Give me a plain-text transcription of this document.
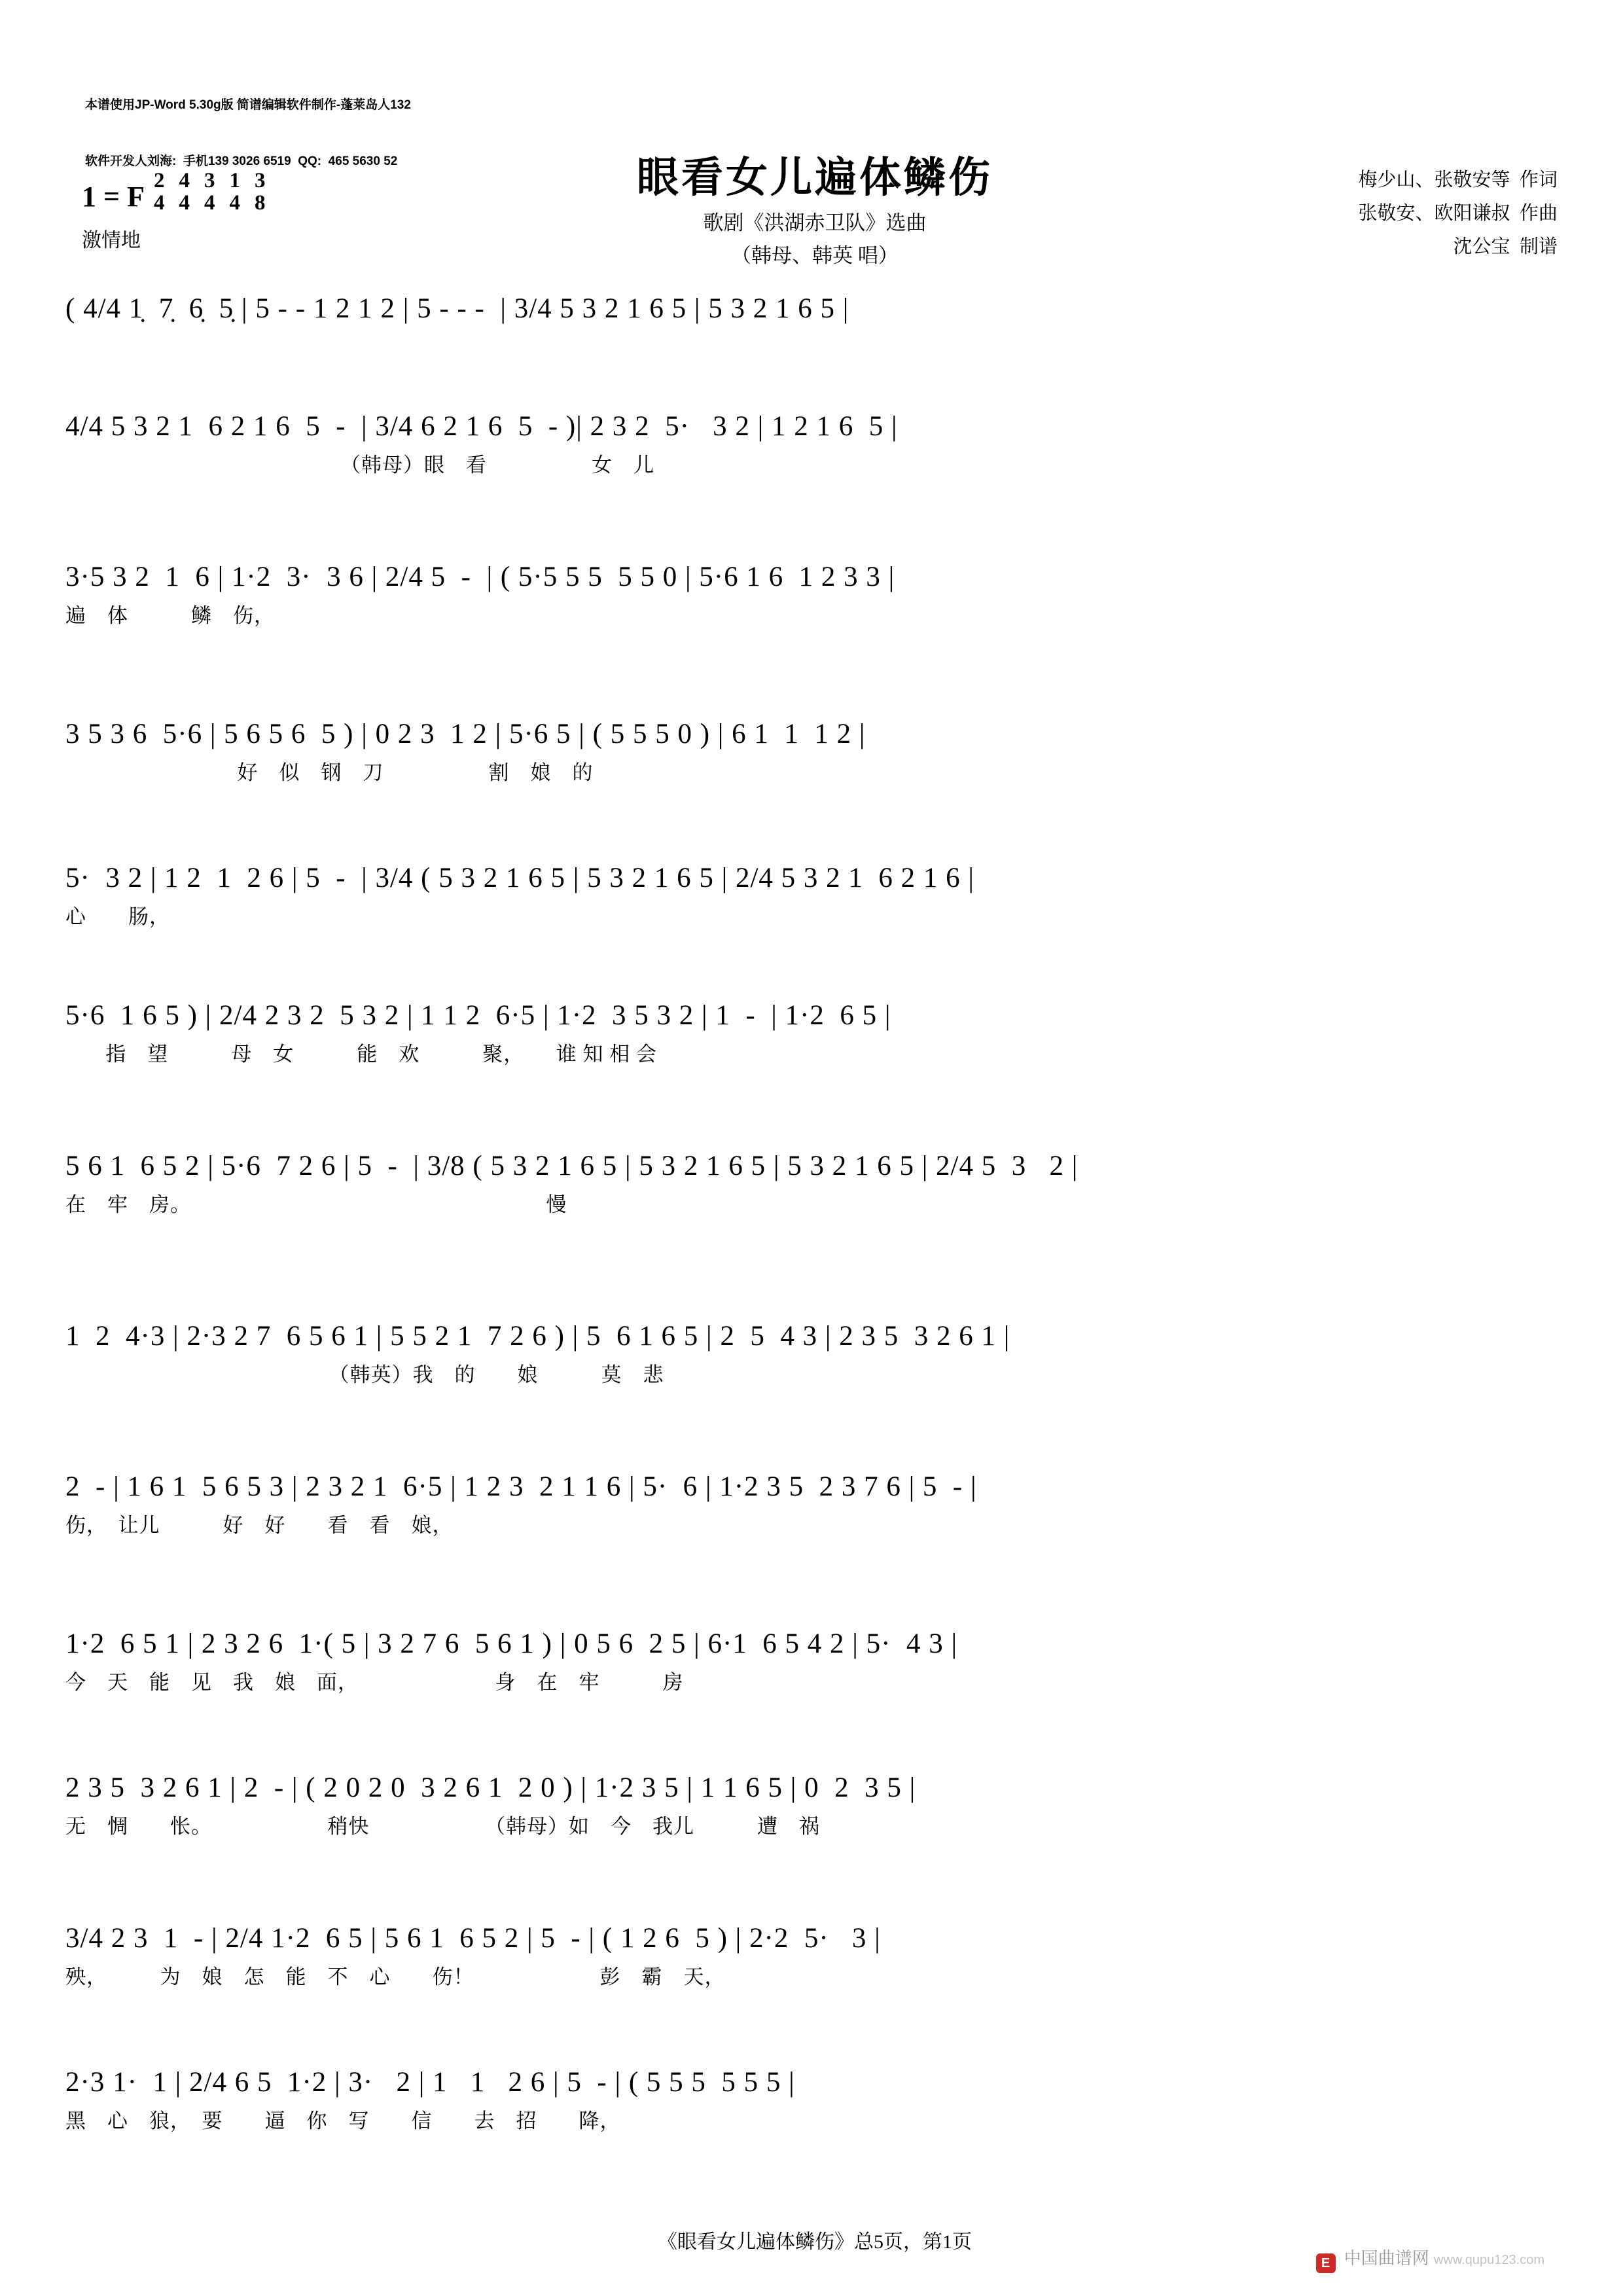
本谱使用JP-Word 5.30g版 简谱编辑软件制作-蓬莱岛人132

软件开发人刘海:  手机139 3026 6519  QQ:  465 5630 52

	眼看女儿遍体鳞伤
歌剧《洪湖赤卫队》选曲
（韩母、韩英 唱）
梅少山、张敬安等  作词
张敬安、欧阳谦叔  作曲
沈公宝  制谱
1 = F
激情地
2
4
4
4
3
4
1
4
3
8
( 4/4 1̣  7̣  6̣  5̣ | 5 - - 1 2 1 2 | 5 - - -  | 3/4 5 3 2 1 6 5 | 5 3 2 1 6 5 |
4/4 5 3 2 1  6 2 1 6  5  -  | 3/4 6 2 1 6  5  - )| 2 3 2  5·   3 2 | 1 2 1 6  5 |
（韩母）眼　看　　　　　女　儿
3·5 3 2  1  6 | 1·2  3·  3 6 | 2/4 5  -  | ( 5·5 5 5  5 5 0 | 5·6 1 6  1 2 3 3 |
遍　体　　　鳞　伤，
3 5 3 6  5·6 | 5 6 5 6  5 ) | 0 2 3  1 2 | 5·6 5 | ( 5 5 5 0 ) | 6 1  1  1 2 |
好　似　钢　刀　　　　　割　娘　的
5·  3 2 | 1 2  1  2 6 | 5  -  | 3/4 ( 5 3 2 1 6 5 | 5 3 2 1 6 5 | 2/4 5 3 2 1  6 2 1 6 |
心　　肠，
5·6  1 6 5 ) | 2/4 2 3 2  5 3 2 | 1 1 2  6·5 | 1·2  3 5 3 2 | 1  -  | 1·2  6 5 |
指　望　　　母　女　　　能　欢　　　聚，　　谁 知 相 会
5 6 1  6 5 2 | 5·6  7 2 6 | 5  -  | 3/8 ( 5 3 2 1 6 5 | 5 3 2 1 6 5 | 5 3 2 1 6 5 | 2/4 5  3   2 |
在　牢　房。                                                              慢
1  2  4·3 | 2·3 2 7  6 5 6 1 | 5 5 2 1  7 2 6 ) | 5  6 1 6 5 | 2  5  4 3 | 2 3 5  3 2 6 1 |
（韩英）我　的　　娘　　　莫　悲
2  - | 1 6 1  5 6 5 3 | 2 3 2 1  6·5 | 1 2 3  2 1 1 6 | 5·  6 | 1·2 3 5  2 3 7 6 | 5  - |
伤，　让儿　　　好　好　　看　看　娘，
1·2  6 5 1 | 2 3 2 6  1·( 5 | 3 2 7 6  5 6 1 ) | 0 5 6  2 5 | 6·1  6 5 4 2 | 5·  4 3 |
今　天　能　见　我　娘　面，　　　　　　　身　在　牢　　　房
2 3 5  3 2 6 1 | 2  - | ( 2 0 2 0  3 2 6 1  2 0 ) | 1·2 3 5 | 1 1 6 5 | 0  2  3 5 |
无　惆　　怅。　　　　　　稍快　　　　　　（韩母）如　今　我儿　　　遭　祸
3/4 2 3  1  - | 2/4 1·2  6 5 | 5 6 1  6 5 2 | 5  - | ( 1 2 6  5 ) | 2·2  5·   3 |
殃，　　　为　娘　怎　能　不　心　　伤！　　　　　　彭　霸　天，
2·3 1·  1 | 2/4 6 5  1·2 | 3·   2 | 1   1   2 6 | 5  - | ( 5 5 5  5 5 5 |
黑　心　狼，　要　　逼　你　写　　信　　去　招　　降，
《眼看女儿遍体鳞伤》总5页，第1页
E 中国曲谱网 www.qupu123.com
